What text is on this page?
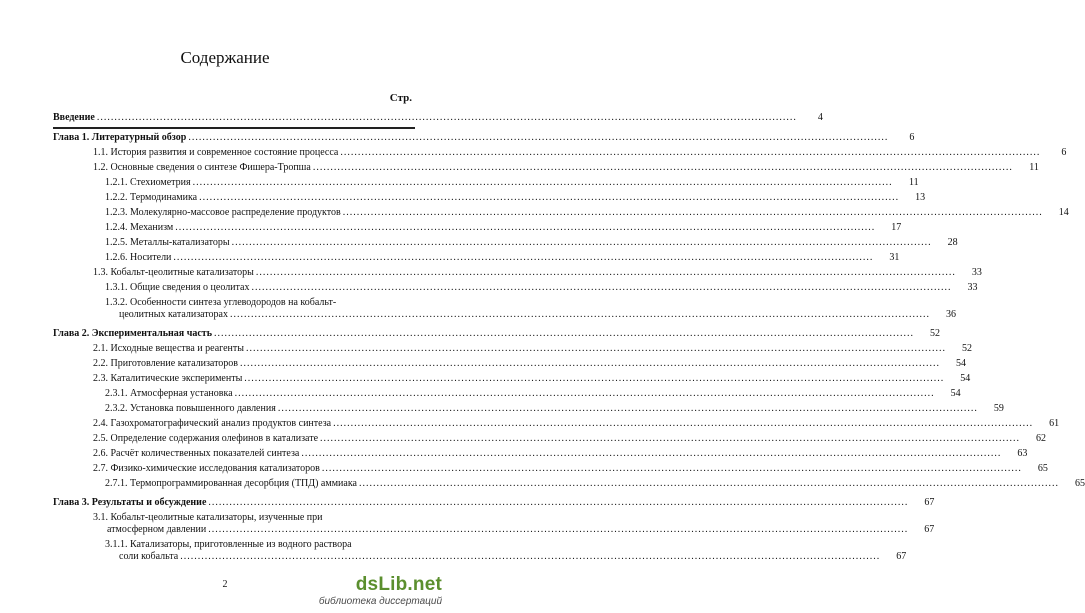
Содержание
Стр.
Введение ........................................................................................................................................................................................................	4
Глава 1. Литературный обзор ........................................................................................................................................................................................................	6
1.1. История развития и современное состояние процесса ........................................................................................................................................................................................................	6
1.2. Основные сведения о синтезе Фишера-Тропша ........................................................................................................................................................................................................	11
1.2.1. Стехиометрия ........................................................................................................................................................................................................	11
1.2.2. Термодинамика ........................................................................................................................................................................................................	13
1.2.3. Молекулярно-массовое распределение продуктов ........................................................................................................................................................................................................	14
1.2.4. Механизм ........................................................................................................................................................................................................	17
1.2.5. Металлы-катализаторы ........................................................................................................................................................................................................	28
1.2.6. Носители ........................................................................................................................................................................................................	31
1.3. Кобальт-цеолитные катализаторы ........................................................................................................................................................................................................	33
1.3.1. Общие сведения о цеолитах ........................................................................................................................................................................................................	33
1.3.2. Особенности синтеза углеводородов на кобальт-
цеолитных катализаторах ........................................................................................................................................................................................................	36
Глава 2. Экспериментальная часть ........................................................................................................................................................................................................	52
2.1. Исходные вещества и реагенты ........................................................................................................................................................................................................	52
2.2. Приготовление катализаторов ........................................................................................................................................................................................................	54
2.3. Каталитические эксперименты ........................................................................................................................................................................................................	54
2.3.1. Атмосферная установка ........................................................................................................................................................................................................	54
2.3.2. Установка повышенного давления ........................................................................................................................................................................................................	59
2.4. Газохроматографический анализ продуктов синтеза ........................................................................................................................................................................................................	61
2.5. Определение содержания олефинов в катализате ........................................................................................................................................................................................................	62
2.6. Расчёт количественных показателей синтеза ........................................................................................................................................................................................................	63
2.7. Физико-химические исследования катализаторов ........................................................................................................................................................................................................	65
2.7.1. Термопрограммированная десорбция (ТПД) аммиака ........................................................................................................................................................................................................	65
Глава 3. Результаты и обсуждение ........................................................................................................................................................................................................	67
3.1. Кобальт-цеолитные катализаторы, изученные при
атмосферном давлении ........................................................................................................................................................................................................	67
3.1.1. Катализаторы, приготовленные из водного раствора
соли кобальта ........................................................................................................................................................................................................	67
2	dsLib.net
библиотека диссертаций
